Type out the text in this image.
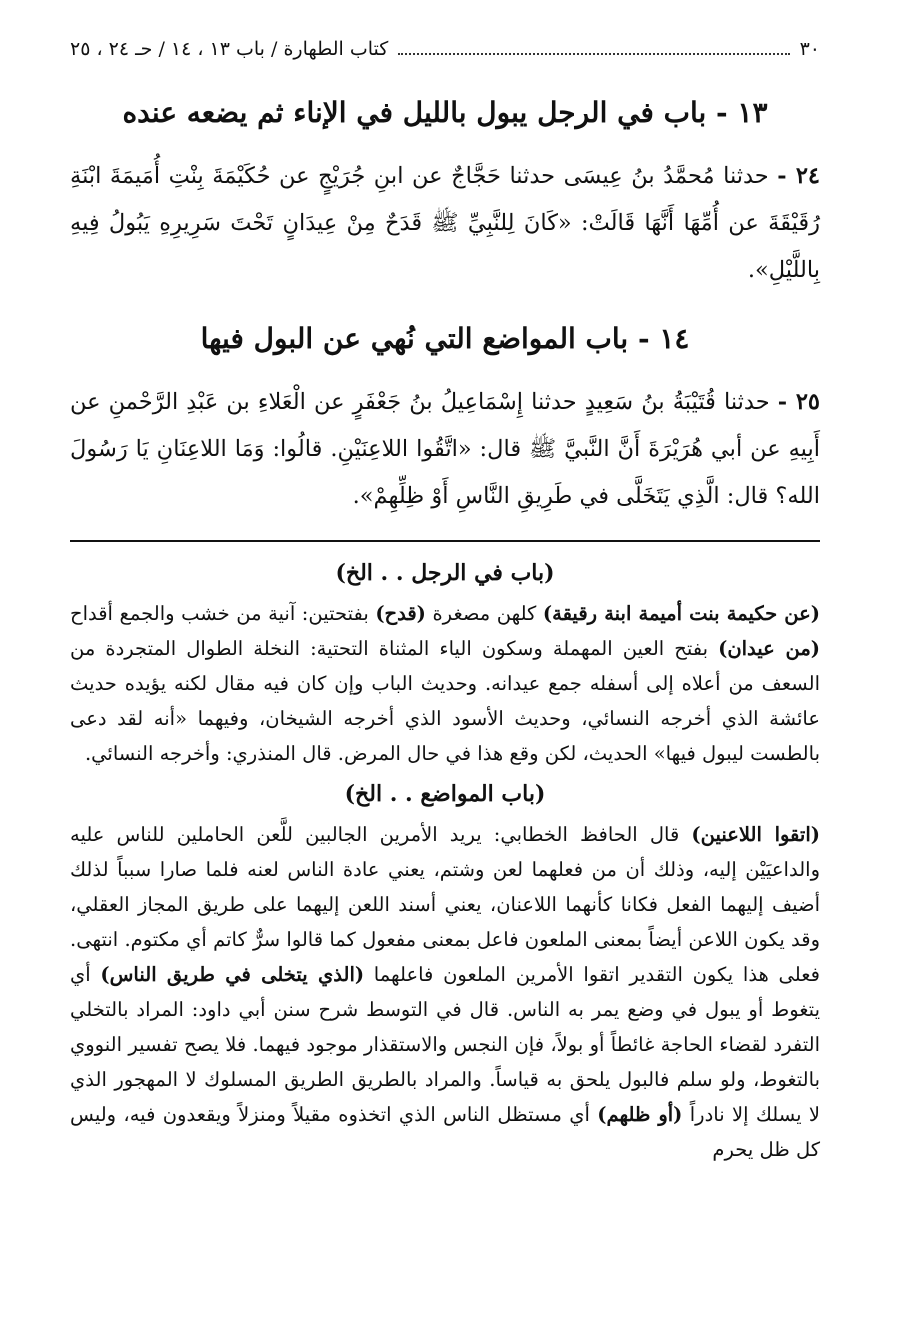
٣٠
كتاب الطهارة / باب ١٣ ، ١٤ / حـ ٢٤ ، ٢٥
١٣ - باب في الرجل يبول بالليل في الإناء ثم يضعه عنده
٢٤ - حدثنا مُحمَّدُ بنُ عِيسَى حدثنا حَجَّاجٌ عن ابنِ جُرَيْجٍ عن حُكَيْمَةَ بِنْتِ أُمَيمَةَ ابْنَةِ رُقَيْقَةَ عن أُمِّهَا أَنَّهَا قَالَتْ: «كَانَ لِلنَّبِيِّ ﷺ قَدَحٌ مِنْ عِيدَانٍ تَحْتَ سَرِيرِهِ يَبُولُ فِيهِ بِاللَّيْلِ».
١٤ - باب المواضع التي نُهي عن البول فيها
٢٥ - حدثنا قُتَيْبَةُ بنُ سَعِيدٍ حدثنا إِسْمَاعِيلُ بنُ جَعْفَرٍ عن الْعَلاءِ بن عَبْدِ الرَّحْمنِ عن أَبِيهِ عن أبي هُرَيْرَةَ أَنَّ النَّبيَّ ﷺ قال: «اتَّقُوا اللاعِنَيْنِ. قالُوا: وَمَا اللاعِنَانِ يَا رَسُولَ الله؟ قال: الَّذِي يَتَخَلَّى في طَرِيقِ النَّاسِ أَوْ ظِلِّهِمْ».
(باب في الرجل . . الخ)
(عن حكيمة بنت أميمة ابنة رقيقة) كلهن مصغرة (قدح) بفتحتين: آنية من خشب والجمع أقداح (من عيدان) بفتح العين المهملة وسكون الياء المثناة التحتية: النخلة الطوال المتجردة من السعف من أعلاه إلى أسفله جمع عيدانه. وحديث الباب وإن كان فيه مقال لكنه يؤيده حديث عائشة الذي أخرجه النسائي، وحديث الأسود الذي أخرجه الشيخان، وفيهما «أنه لقد دعى بالطست ليبول فيها» الحديث، لكن وقع هذا في حال المرض. قال المنذري: وأخرجه النسائي.
(باب المواضع . . الخ)
(اتقوا اللاعنين) قال الحافظ الخطابي: يريد الأمرين الجالبين للَّعن الحاملين للناس عليه والداعيَيْن إليه، وذلك أن من فعلهما لعن وشتم، يعني عادة الناس لعنه فلما صارا سبباً لذلك أضيف إليهما الفعل فكانا كأنهما اللاعنان، يعني أسند اللعن إليهما على طريق المجاز العقلي، وقد يكون اللاعن أيضاً بمعنى الملعون فاعل بمعنى مفعول كما قالوا سرٌّ كاتم أي مكتوم. انتهى. فعلى هذا يكون التقدير اتقوا الأمرين الملعون فاعلهما (الذي يتخلى في طريق الناس) أي يتغوط أو يبول في وضع يمر به الناس. قال في التوسط شرح سنن أبي داود: المراد بالتخلي التفرد لقضاء الحاجة غائطاً أو بولاً، فإن النجس والاستقذار موجود فيهما. فلا يصح تفسير النووي بالتغوط، ولو سلم فالبول يلحق به قياساً. والمراد بالطريق الطريق المسلوك لا المهجور الذي لا يسلك إلا نادراً (أو ظلهم) أي مستظل الناس الذي اتخذوه مقيلاً ومنزلاً ويقعدون فيه، وليس كل ظل يحرم
